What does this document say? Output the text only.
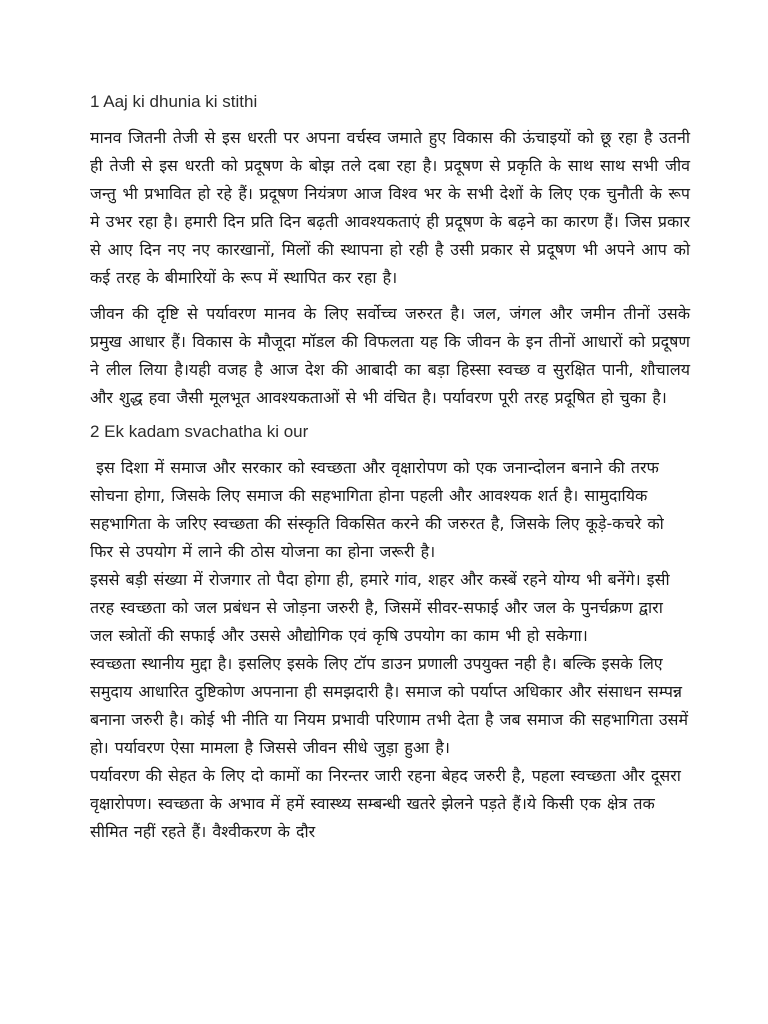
1 Aaj ki dhunia ki stithi

मानव जितनी तेजी से इस धरती पर अपना वर्चस्व जमाते हुए विकास की ऊंचाइयों को छू रहा है उतनी ही तेजी से इस धरती को प्रदूषण के बोझ तले दबा रहा है। प्रदूषण से प्रकृति के साथ साथ सभी जीव जन्तु भी प्रभावित हो रहे हैं। प्रदूषण नियंत्रण आज विश्व भर के सभी देशों के लिए एक चुनौती के रूप मे उभर रहा है। हमारी दिन प्रति दिन बढ़ती आवश्यकताएं ही प्रदूषण के बढ़ने का कारण हैं। जिस प्रकार से आए दिन नए नए कारखानों, मिलों की स्थापना हो रही है उसी प्रकार से प्रदूषण भी अपने आप को कई तरह के बीमारियों के रूप में स्थापित कर रहा है।

जीवन की दृष्टि से पर्यावरण मानव के लिए सर्वोच्च जरुरत है। जल, जंगल और जमीन तीनों उसके प्रमुख आधार हैं। विकास के मौजूदा मॉडल की विफलता यह कि जीवन के इन तीनों आधारों को प्रदूषण ने लील लिया है।यही वजह है आज देश की आबादी का बड़ा हिस्सा स्वच्छ व सुरक्षित पानी, शौचालय और शुद्ध हवा जैसी मूलभूत आवश्यकताओं से भी वंचित है। पर्यावरण पूरी तरह प्रदूषित हो चुका है।

2 Ek kadam svachatha ki our

इस दिशा में समाज और सरकार को स्वच्छता और वृक्षारोपण को एक जनान्दोलन बनाने की तरफ सोचना होगा, जिसके लिए समाज की सहभागिता होना पहली और आवश्यक शर्त है। सामुदायिक सहभागिता के जरिए स्वच्छता की संस्कृति विकसित करने की जरुरत है, जिसके लिए कूड़े-कचरे को फिर से उपयोग में लाने की ठोस योजना का होना जरूरी है।

इससे बड़ी संख्या में रोजगार तो पैदा होगा ही, हमारे गांव, शहर और कस्बें रहने योग्य भी बनेंगे। इसी तरह स्वच्छता को जल प्रबंधन से जोड़ना जरुरी है, जिसमें सीवर-सफाई और जल के पुनर्चक्रण द्वारा जल स्त्रोतों की सफाई और उससे औद्योगिक एवं कृषि उपयोग का काम भी हो सकेगा।

स्वच्छता स्थानीय मुद्दा है। इसलिए इसके लिए टॉप डाउन प्रणाली उपयुक्त नही है। बल्कि इसके लिए समुदाय आधारित दुष्टिकोण अपनाना ही समझदारी है। समाज को पर्याप्त अधिकार और संसाधन सम्पन्न बनाना जरुरी है। कोई भी नीति या नियम प्रभावी परिणाम तभी देता है जब समाज की सहभागिता उसमें हो। पर्यावरण ऐसा मामला है जिससे जीवन सीधे जुड़ा हुआ है।

पर्यावरण की सेहत के लिए दो कामों का निरन्तर जारी रहना बेहद जरुरी है, पहला स्वच्छता और दूसरा वृक्षारोपण। स्वच्छता के अभाव में हमें स्वास्थ्य सम्बन्धी खतरे झेलने पड़ते हैं।ये किसी एक क्षेत्र तक सीमित नहीं रहते हैं। वैश्वीकरण के दौर
